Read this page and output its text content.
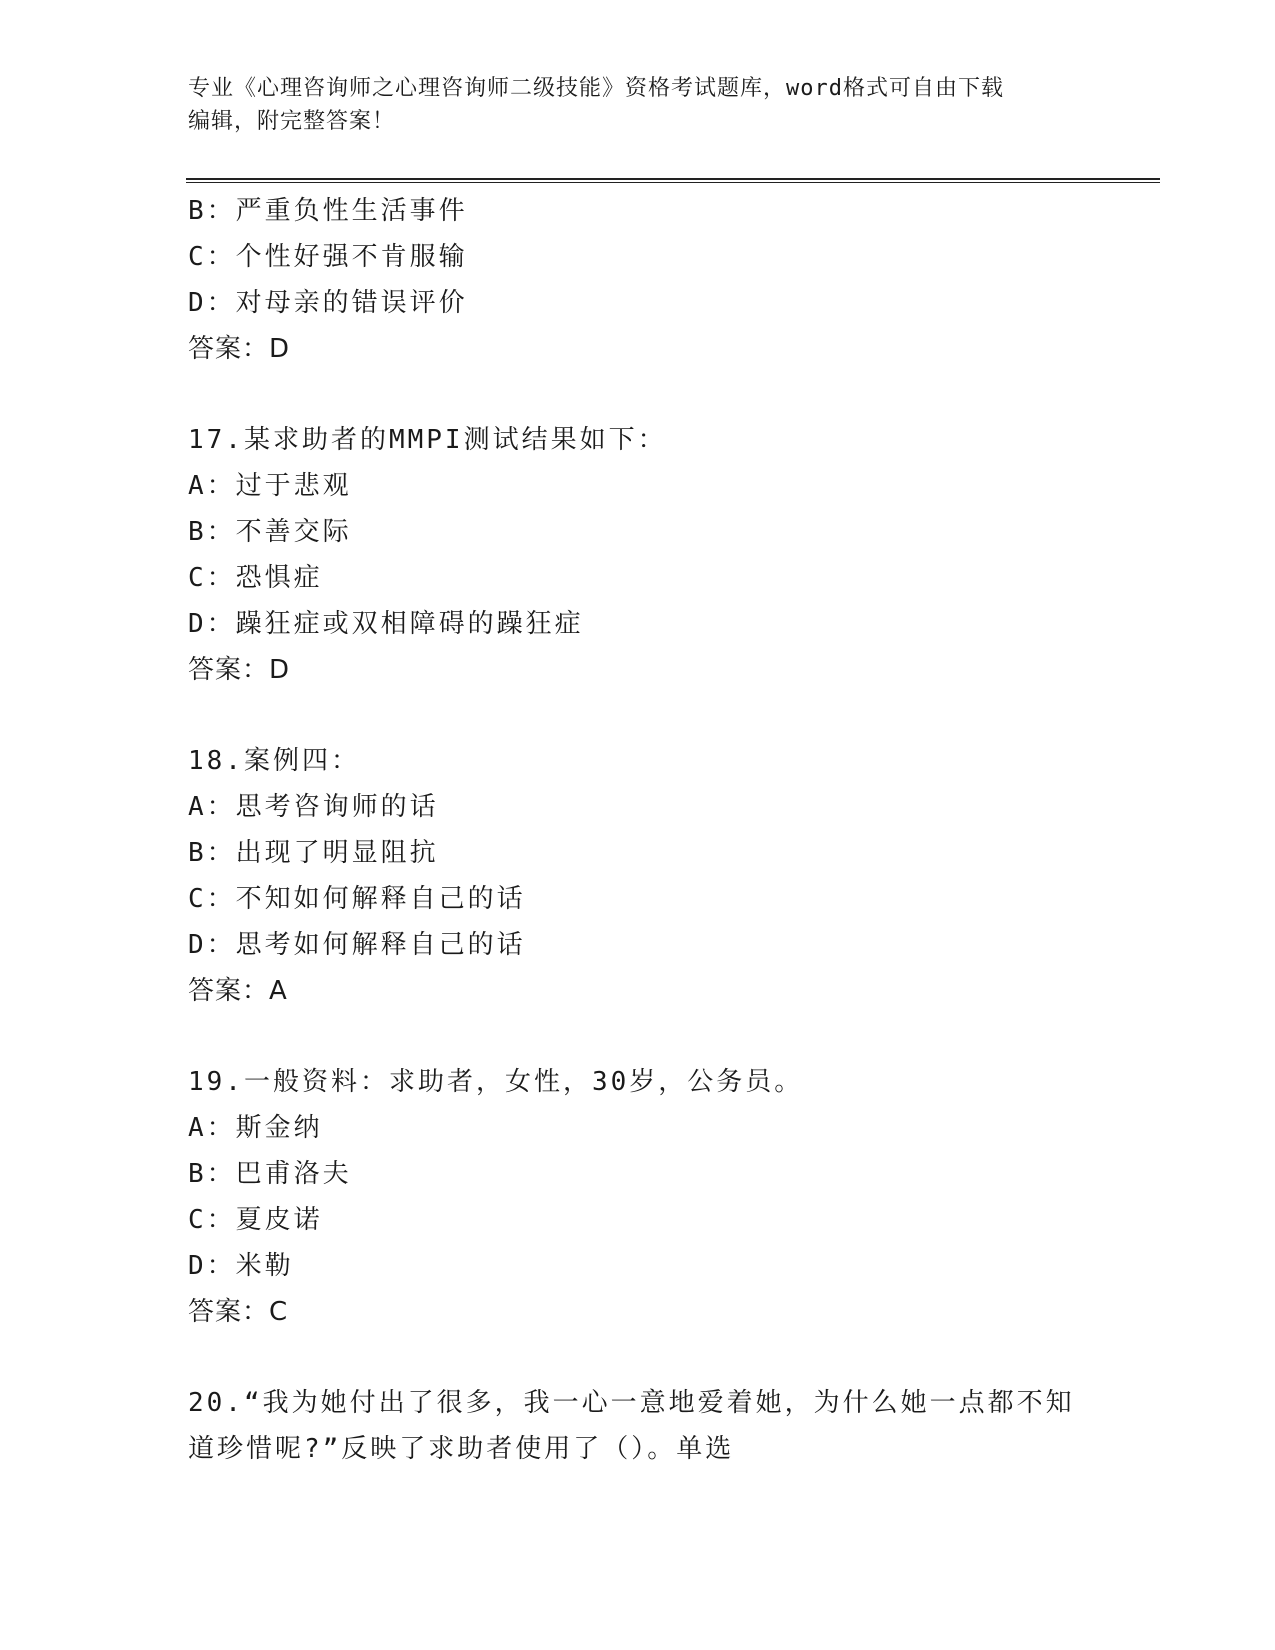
专业《心理咨询师之心理咨询师二级技能》资格考试题库，word格式可自由下载
编辑，附完整答案！
B：严重负性生活事件
C：个性好强不肯服输
D：对母亲的错误评价
答案：D
17.某求助者的MMPI测试结果如下：
A：过于悲观
B：不善交际
C：恐惧症
D：躁狂症或双相障碍的躁狂症
答案：D
18.案例四：
A：思考咨询师的话
B：出现了明显阻抗
C：不知如何解释自己的话
D：思考如何解释自己的话
答案：A
19.一般资料：求助者，女性，30岁，公务员。
A：斯金纳
B：巴甫洛夫
C：夏皮诺
D：米勒
答案：C
20.“我为她付出了很多，我一心一意地爱着她，为什么她一点都不知
道珍惜呢?”反映了求助者使用了（）。单选
